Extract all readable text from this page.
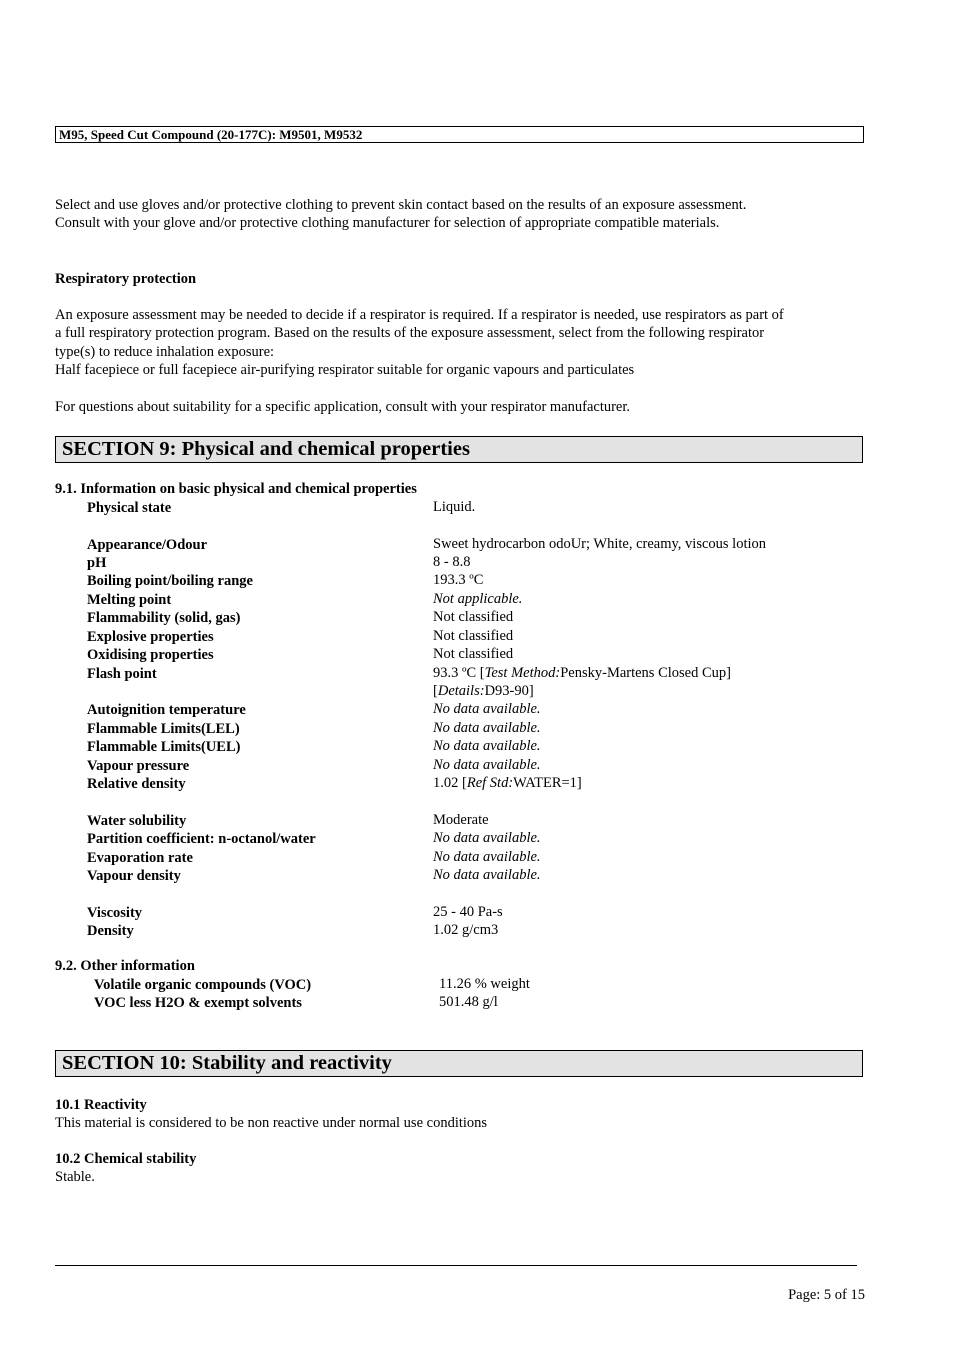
M95, Speed Cut Compound (20-177C): M9501, M9532
Select and use gloves and/or protective clothing to prevent skin contact based on the results of an exposure assessment.
Consult with your glove and/or protective clothing manufacturer for selection of appropriate compatible materials.
Respiratory protection
An exposure assessment may be needed to decide if a respirator is required. If a respirator is needed, use respirators as part of
a full respiratory protection program. Based on the results of the exposure assessment, select from the following respirator
type(s) to reduce inhalation exposure:
Half facepiece or full facepiece air-purifying respirator suitable for organic vapours and particulates
For questions about suitability for a specific application, consult with your respirator manufacturer.
SECTION 9: Physical and chemical properties
9.1. Information on basic physical and chemical properties
Physical state	Liquid.
Appearance/Odour	Sweet hydrocarbon odoUr; White, creamy, viscous lotion
pH	8 - 8.8
Boiling point/boiling range	193.3 ºC
Melting point	Not applicable.
Flammability (solid, gas)	Not classified
Explosive properties	Not classified
Oxidising properties	Not classified
Flash point	93.3 ºC [Test Method:Pensky-Martens Closed Cup]
[Details:D93-90]
Autoignition temperature	No data available.
Flammable Limits(LEL)	No data available.
Flammable Limits(UEL)	No data available.
Vapour pressure	No data available.
Relative density	1.02 [Ref Std:WATER=1]
Water solubility	Moderate
Partition coefficient: n-octanol/water	No data available.
Evaporation rate	No data available.
Vapour density	No data available.
Viscosity	25 - 40 Pa-s
Density	1.02 g/cm3
9.2. Other information
Volatile organic compounds (VOC)	11.26 % weight
VOC less H2O & exempt solvents	501.48 g/l
SECTION 10: Stability and reactivity
10.1 Reactivity
This material is considered to be non reactive under normal use conditions
10.2 Chemical stability
Stable.
Page: 5 of 15
